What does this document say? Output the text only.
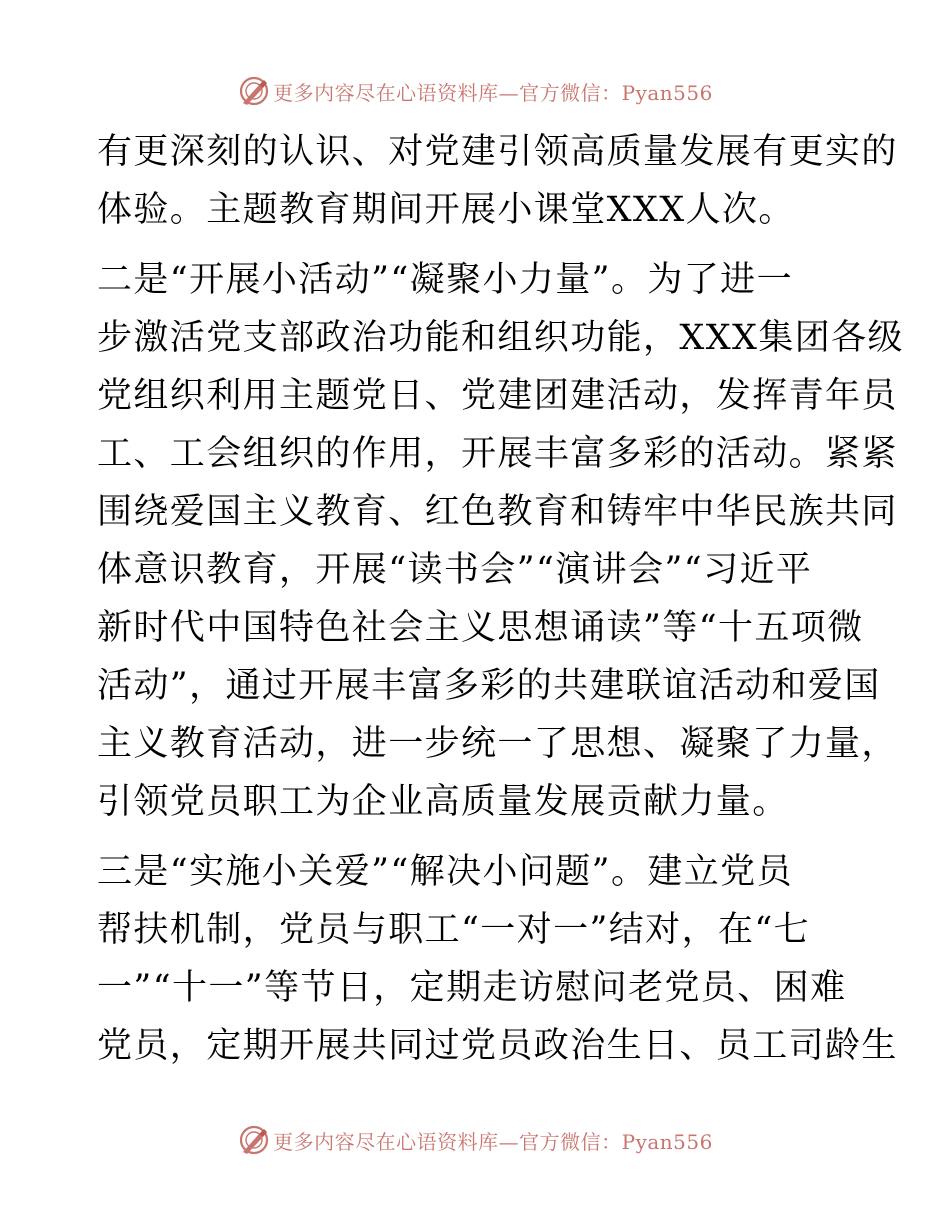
更多内容尽在心语资料库—官方微信：Pyan556
有更深刻的认识、对党建引领高质量发展有更实的
体验。主题教育期间开展小课堂XXX人次。
二是“开展小活动”“凝聚小力量”。为了进一
步激活党支部政治功能和组织功能，XXX集团各级
党组织利用主题党日、党建团建活动，发挥青年员
工、工会组织的作用，开展丰富多彩的活动。紧紧
围绕爱国主义教育、红色教育和铸牢中华民族共同
体意识教育，开展“读书会”“演讲会”“习近平
新时代中国特色社会主义思想诵读”等“十五项微
活动”，通过开展丰富多彩的共建联谊活动和爱国
主义教育活动，进一步统一了思想、凝聚了力量，
引领党员职工为企业高质量发展贡献力量。
三是“实施小关爱”“解决小问题”。建立党员
帮扶机制，党员与职工“一对一”结对，在“七
一”“十一”等节日，定期走访慰问老党员、困难
党员，定期开展共同过党员政治生日、员工司龄生
更多内容尽在心语资料库—官方微信：Pyan556
